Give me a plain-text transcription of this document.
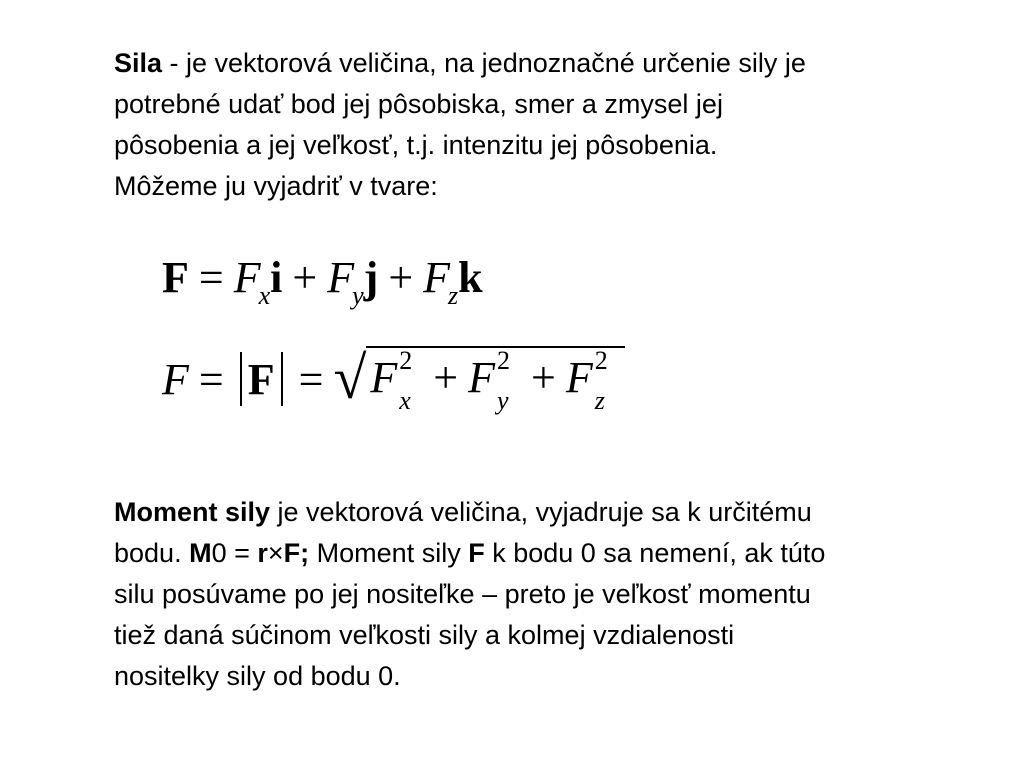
Sila - je vektorová veličina, na jednoznačné určenie sily je
potrebné udať bod jej pôsobiska, smer a zmysel jej
pôsobenia a jej veľkosť, t.j. intenzitu jej pôsobenia.
Môžeme ju vyjadriť v tvare:
$F = F_xi + F_yj + F_zk$
F = F = √F 2
x + F 2
y + F 2
z
Moment sily je vektorová veličina, vyjadruje sa k určitému
bodu. M0 = r×F; Moment sily F k bodu 0 sa nemení, ak túto
silu posúvame po jej nositeľke – preto je veľkosť momentu
tiež daná súčinom veľkosti sily a kolmej vzdialenosti
nositelky sily od bodu 0.
